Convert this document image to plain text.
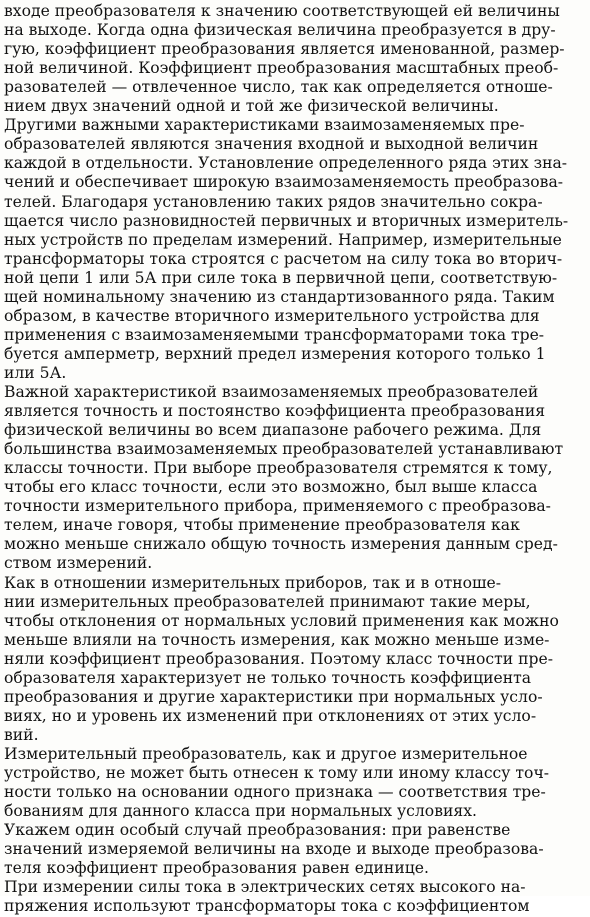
входе преобразователя к значению соответствующей ей величины
на выходе. Когда одна физическая величина преобразуется в дру-
гую, коэффициент преобразования является именованной, размер-
ной величиной. Коэффициент преобразования масштабных преоб-
разователей — отвлеченное число, так как определяется отноше-
нием двух значений одной и той же физической величины.
Другими важными характеристиками взаимозаменяемых пре-
образователей являются значения входной и выходной величин
каждой в отдельности. Установление определенного ряда этих зна-
чений и обеспечивает широкую взаимозаменяемость преобразова-
телей. Благодаря установлению таких рядов значительно сокра-
щается число разновидностей первичных и вторичных измеритель-
ных устройств по пределам измерений. Например, измерительные
трансформаторы тока строятся с расчетом на силу тока во вторич-
ной цепи 1 или 5А при силе тока в первичной цепи, соответствую-
щей номинальному значению из стандартизованного ряда. Таким
образом, в качестве вторичного измерительного устройства для
применения с взаимозаменяемыми трансформаторами тока тре-
буется амперметр, верхний предел измерения которого только 1
или 5А.
Важной характеристикой взаимозаменяемых преобразователей
является точность и постоянство коэффициента преобразования
физической величины во всем диапазоне рабочего режима. Для
большинства взаимозаменяемых преобразователей устанавливают
классы точности. При выборе преобразователя стремятся к тому,
чтобы его класс точности, если это возможно, был выше класса
точности измерительного прибора, применяемого с преобразова-
телем, иначе говоря, чтобы применение преобразователя как
можно меньше снижало общую точность измерения данным сред-
ством измерений.
Как в отношении измерительных приборов, так и в отноше-
нии измерительных преобразователей принимают такие меры,
чтобы отклонения от нормальных условий применения как можно
меньше влияли на точность измерения, как можно меньше изме-
няли коэффициент преобразования. Поэтому класс точности пре-
образователя характеризует не только точность коэффициента
преобразования и другие характеристики при нормальных усло-
виях, но и уровень их изменений при отклонениях от этих усло-
вий.
Измерительный преобразователь, как и другое измерительное
устройство, не может быть отнесен к тому или иному классу точ-
ности только на основании одного признака — соответствия тре-
бованиям для данного класса при нормальных условиях.
Укажем один особый случай преобразования: при равенстве
значений измеряемой величины на входе и выходе преобразова-
теля коэффициент преобразования равен единице.
При измерении силы тока в электрических сетях высокого на-
пряжения используют трансформаторы тока с коэффициентом
